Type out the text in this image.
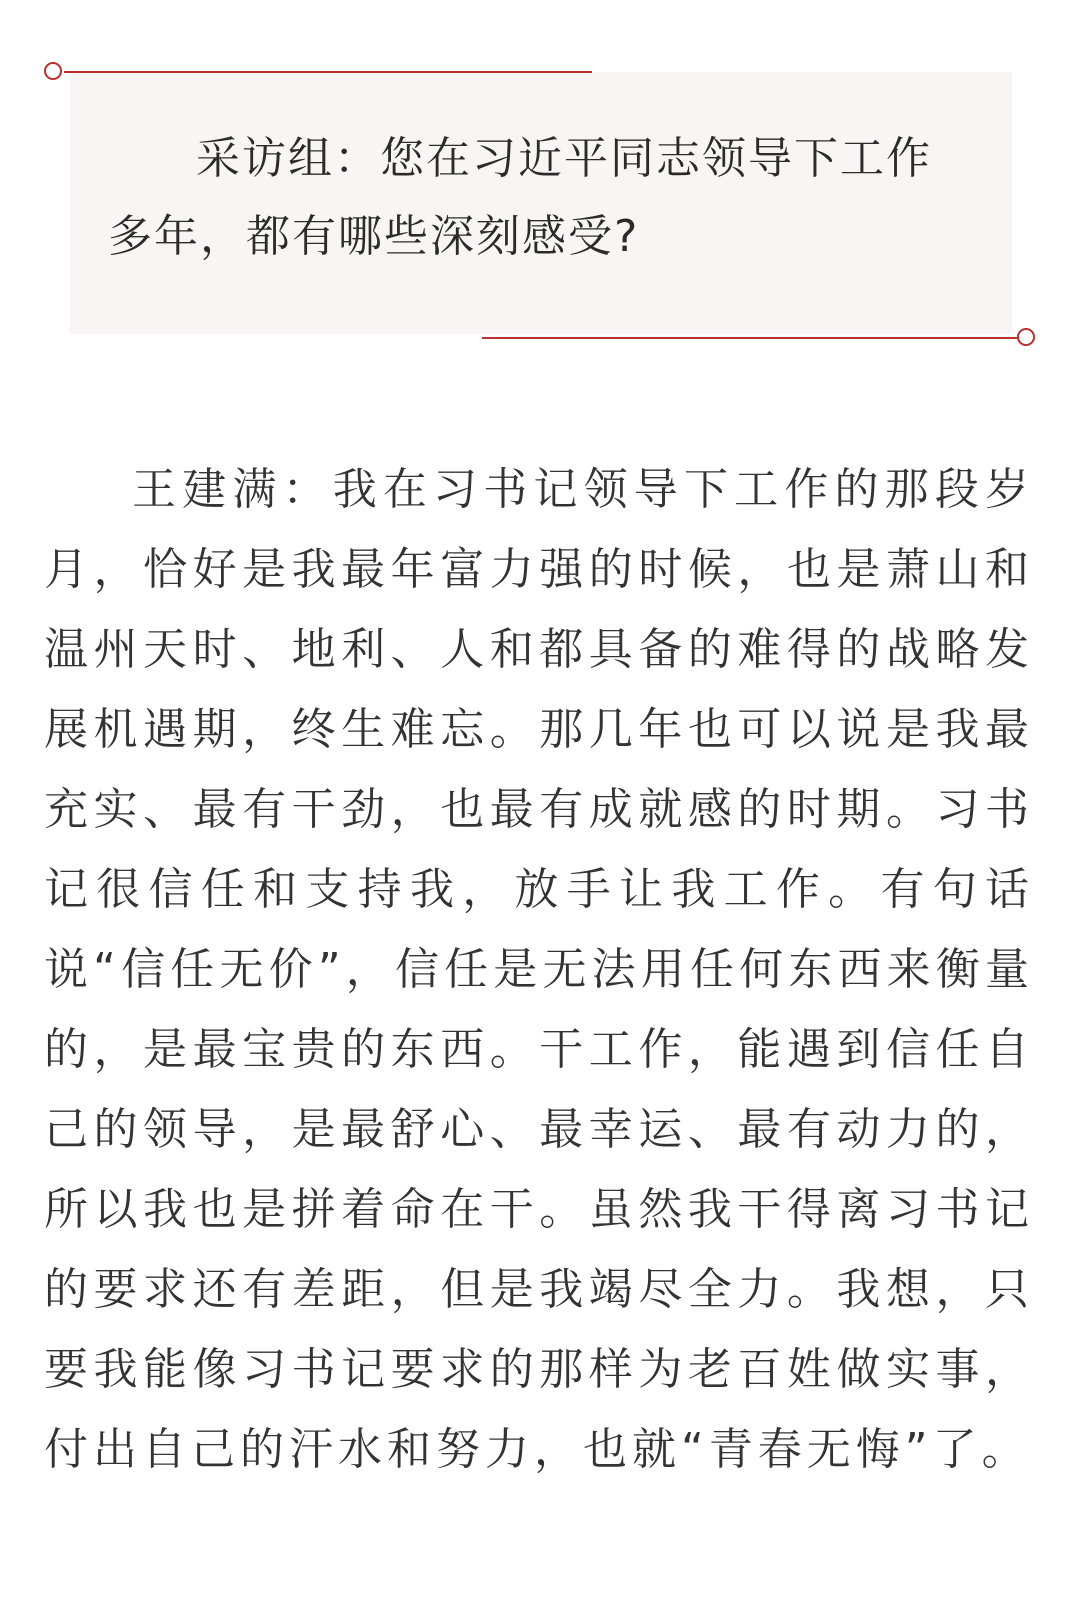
采访组：您在习近平同志领导下工作多年，都有哪些深刻感受?

王建满：我在习书记领导下工作的那段岁月，恰好是我最年富力强的时候，也是萧山和温州天时、地利、人和都具备的难得的战略发展机遇期，终生难忘。那几年也可以说是我最充实、最有干劲，也最有成就感的时期。习书记很信任和支持我，放手让我工作。有句话说“信任无价”，信任是无法用任何东西来衡量的，是最宝贵的东西。干工作，能遇到信任自己的领导，是最舒心、最幸运、最有动力的，所以我也是拼着命在干。虽然我干得离习书记的要求还有差距，但是我竭尽全力。我想，只要我能像习书记要求的那样为老百姓做实事，付出自己的汗水和努力，也就“青春无悔”了。
